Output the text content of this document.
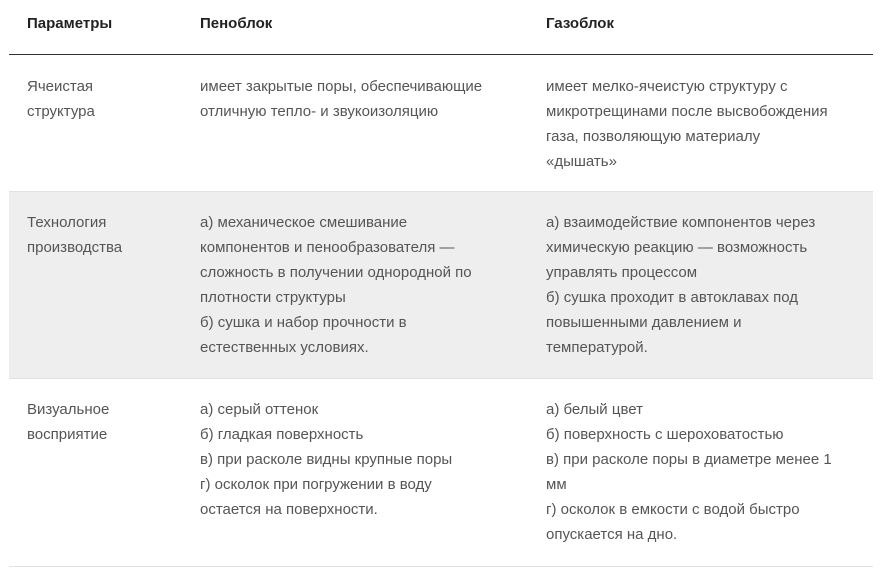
Параметры	Пеноблок	Газоблок
Ячеистая
структура
имеет закрытые поры, обеспечивающие
отличную тепло- и звукоизоляцию
имеет мелко-ячеистую структуру с
микротрещинами после высвобождения
газа, позволяющую материалу
«дышать»
Технология
производства
а) механическое смешивание
компонентов и пенообразователя —
сложность в получении однородной по
плотности структуры
б) сушка и набор прочности в
естественных условиях.
а) взаимодействие компонентов через
химическую реакцию — возможность
управлять процессом
б) сушка проходит в автоклавах под
повышенными давлением и
температурой.
Визуальное
восприятие
а) серый оттенок
б) гладкая поверхность
в) при расколе видны крупные поры
г) осколок при погружении в воду
остается на поверхности.
а) белый цвет
б) поверхность с шероховатостью
в) при расколе поры в диаметре менее 1
мм
г) осколок в емкости с водой быстро
опускается на дно.
